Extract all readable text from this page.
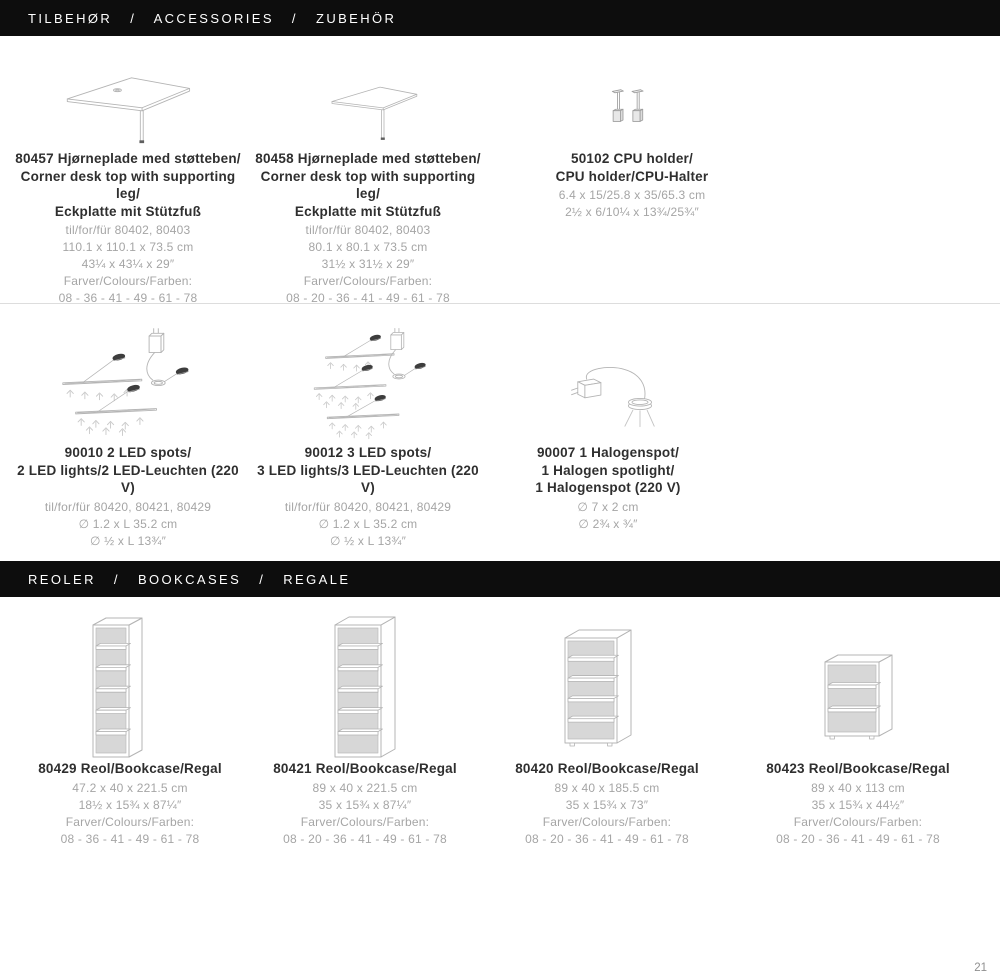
TILBEHØR   /   ACCESSORIES   /   ZUBEHÖR
80457 Hjørneplade med støtteben/
Corner desk top with supporting leg/
Eckplatte mit Stützfuß
til/for/für 80402, 80403
110.1 x 110.1 x 73.5 cm
43¼ x 43¼ x 29″
Farver/Colours/Farben:
08 - 36 - 41 - 49 - 61 - 78
80458 Hjørneplade med støtteben/
Corner desk top with supporting leg/
Eckplatte mit Stützfuß
til/for/für 80402, 80403
80.1 x 80.1 x 73.5 cm
31½ x 31½ x 29″
Farver/Colours/Farben:
08 - 20 - 36 - 41 - 49 - 61 - 78
50102 CPU holder/
CPU holder/CPU-Halter
6.4 x 15/25.8 x 35/65.3 cm
2½ x 6/10¼ x 13¾/25¾″
90010 2 LED spots/
2 LED lights/2 LED-Leuchten (220 V)
til/for/für 80420, 80421, 80429
∅ 1.2 x L 35.2 cm
∅ ½ x L 13¾″
90012 3 LED spots/
3 LED lights/3 LED-Leuchten (220 V)
til/for/für 80420, 80421, 80429
∅ 1.2 x L 35.2 cm
∅ ½ x L 13¾″
90007 1 Halogenspot/
1 Halogen spotlight/
1 Halogenspot (220 V)
∅ 7 x 2 cm
∅ 2¾ x ¾″
REOLER   /   BOOKCASES   /   REGALE
80429 Reol/Bookcase/Regal
47.2 x 40 x 221.5 cm
18½ x 15¾ x 87¼″
Farver/Colours/Farben:
08 - 36 - 41 - 49 - 61 - 78
80421 Reol/Bookcase/Regal
89 x 40 x 221.5 cm
35 x 15¾ x 87¼″
Farver/Colours/Farben:
08 - 20 - 36 - 41 - 49 - 61 - 78
80420 Reol/Bookcase/Regal
89 x 40 x 185.5 cm
35 x 15¾ x 73″
Farver/Colours/Farben:
08 - 20 - 36 - 41 - 49 - 61 - 78
80423 Reol/Bookcase/Regal
89 x 40 x 113 cm
35 x 15¾ x 44½″
Farver/Colours/Farben:
08 - 20 - 36 - 41 - 49 - 61 - 78
21
